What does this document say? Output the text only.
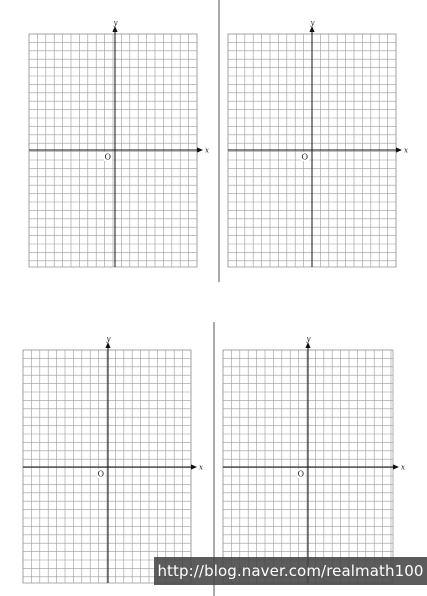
x
y
O
x
y
O
x
y
O
x
y
O
http://blog.naver.com/realmath100
